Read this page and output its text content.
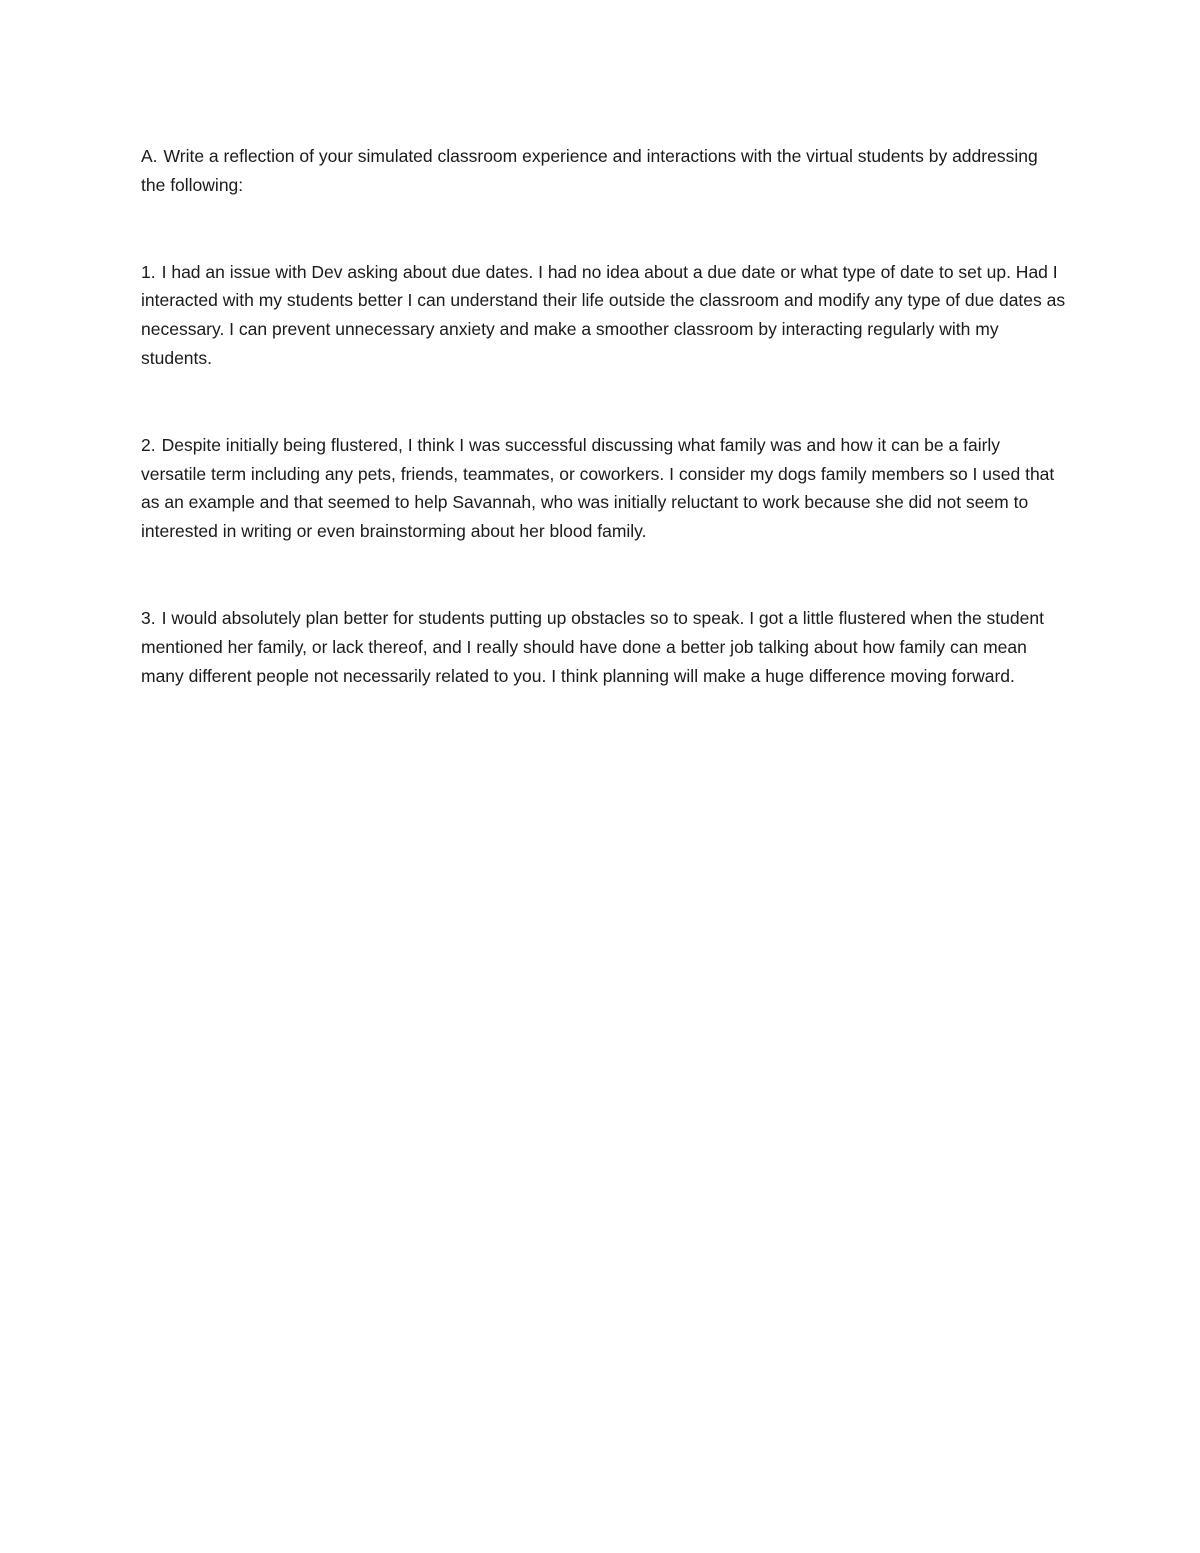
A. Write a reflection of your simulated classroom experience and interactions with the virtual students by addressing the following:

1. I had an issue with Dev asking about due dates. I had no idea about a due date or what type of date to set up. Had I interacted with my students better I can understand their life outside the classroom and modify any type of due dates as necessary. I can prevent unnecessary anxiety and make a smoother classroom by interacting regularly with my students.

2. Despite initially being flustered, I think I was successful discussing what family was and how it can be a fairly versatile term including any pets, friends, teammates, or coworkers. I consider my dogs family members so I used that as an example and that seemed to help Savannah, who was initially reluctant to work because she did not seem to interested in writing or even brainstorming about her blood family.

3. I would absolutely plan better for students putting up obstacles so to speak. I got a little flustered when the student mentioned her family, or lack thereof, and I really should have done a better job talking about how family can mean many different people not necessarily related to you. I think planning will make a huge difference moving forward.
